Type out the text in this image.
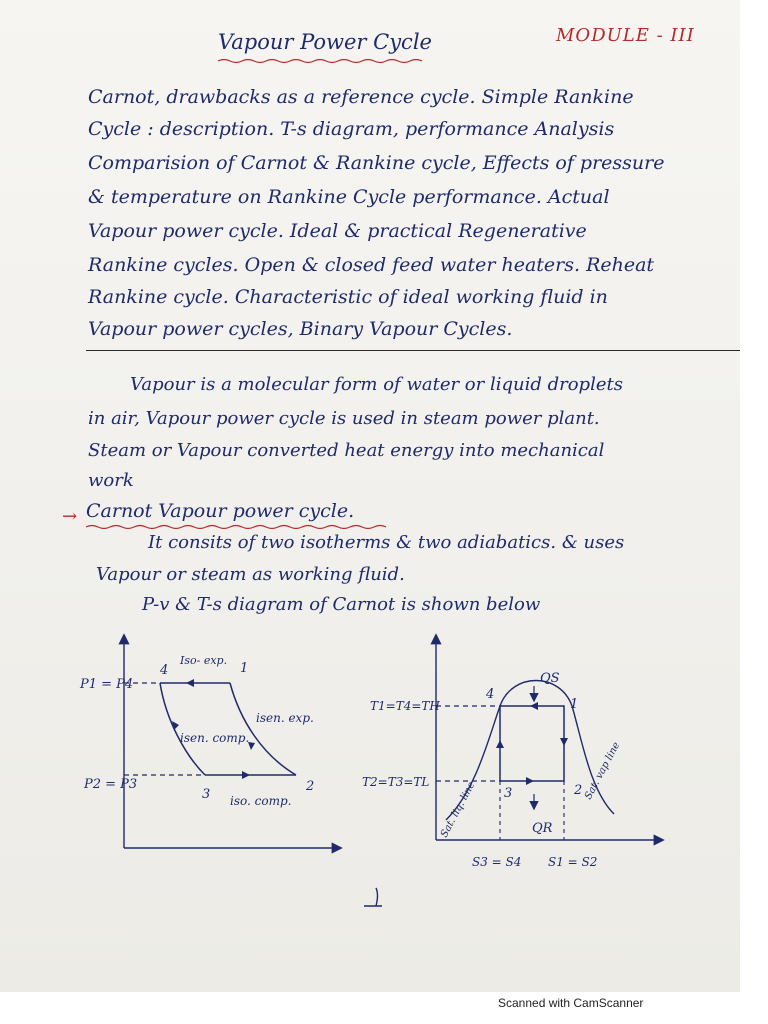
Vapour Power Cycle	MODULE - III
Carnot, drawbacks as a reference cycle. Simple Rankine
Cycle : description. T-s diagram, performance Analysis
Comparision of Carnot & Rankine cycle, Effects of pressure
& temperature on Rankine Cycle performance. Actual
Vapour power cycle. Ideal & practical Regenerative
Rankine cycles. Open & closed feed water heaters. Reheat
Rankine cycle. Characteristic of ideal working fluid in
Vapour power cycles, Binary Vapour Cycles.
Vapour is a molecular form of water or liquid droplets
in air, Vapour power cycle is used in steam power plant.
Steam or Vapour converted heat energy into mechanical
work
→ Carnot Vapour power cycle.
It consits of two isotherms & two adiabatics. & uses
Vapour or steam as working fluid.
P-v & T-s diagram of Carnot is shown below
P1 = P4
P2 = P3
4	1
2
3
Iso- exp.
isen. exp.
isen. comp.
iso. comp.
T1=T4=TH
T2=T3=TL
QS
QR
4
1
3	2
Sat. liq. line
Sat. vap line
S3 = S4 S1 = S2
Scanned with CamScanner
